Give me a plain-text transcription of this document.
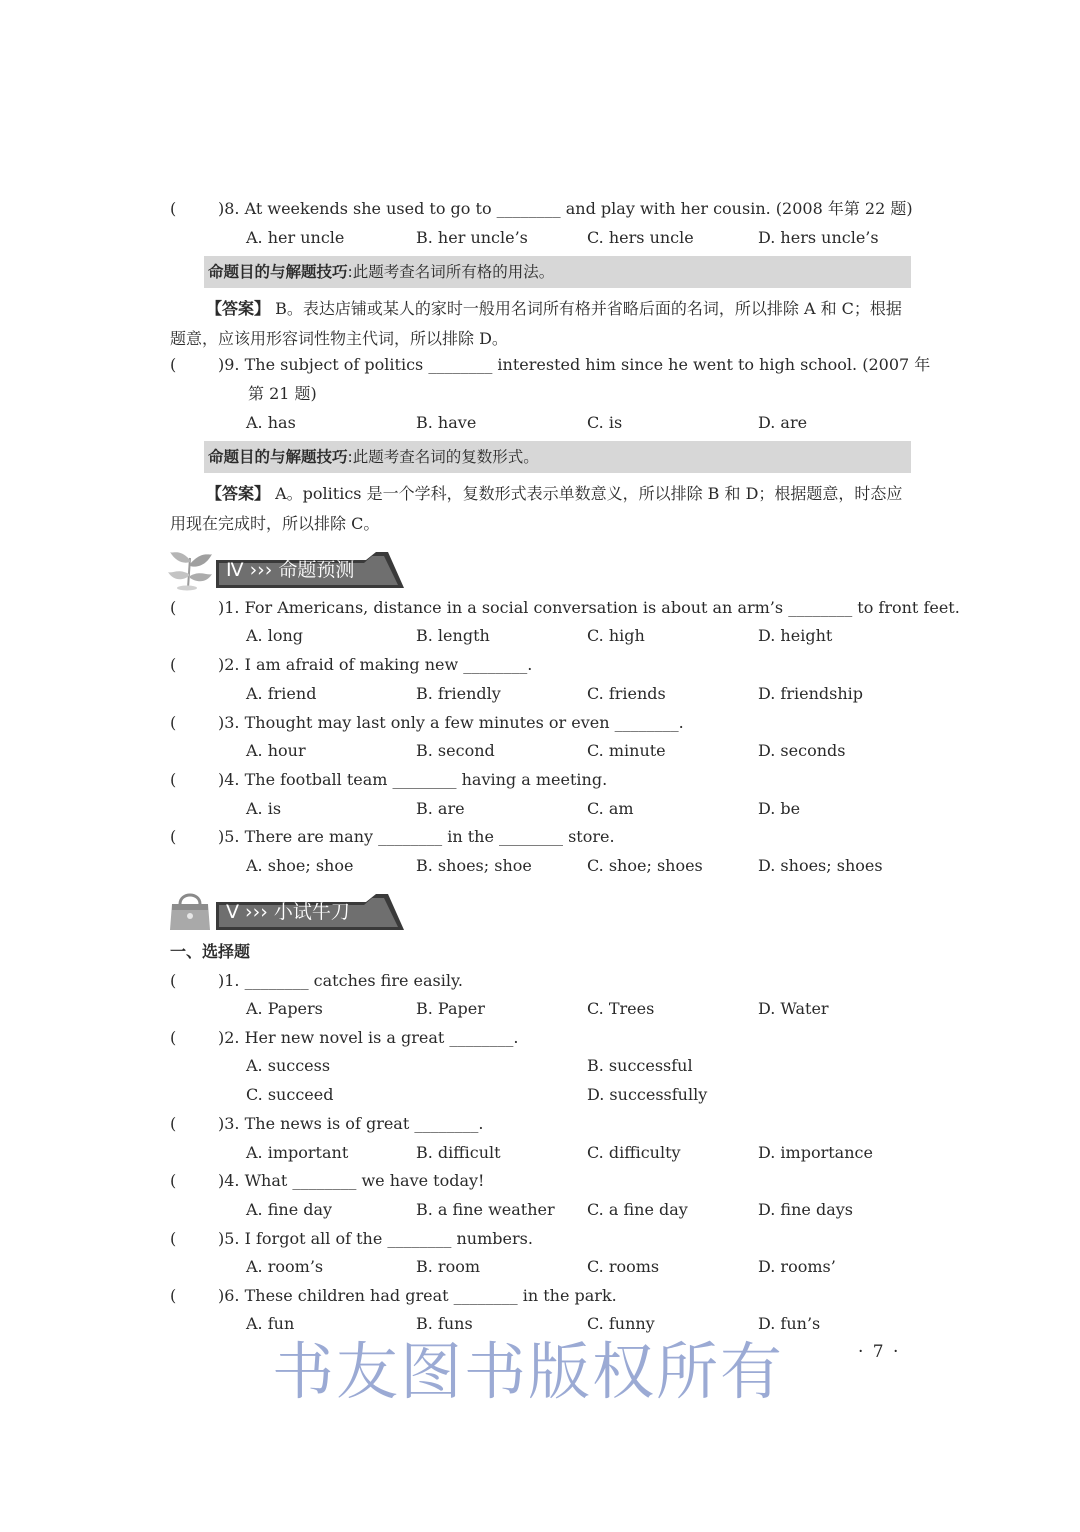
(	)8. At weekends she used to go to ________ and play with her cousin. (2008 年第 22 题)
A. her uncle	B. her uncle’s	C. hers uncle	D. hers uncle’s
命题目的与解题技巧:此题考查名词所有格的用法。
【答案】 B。表达店铺或某人的家时一般用名词所有格并省略后面的名词，所以排除 A 和 C；根据题意，应该用形容词性物主代词，所以排除 D。
(	)9. The subject of politics ________ interested him since he went to high school. (2007 年
第 21 题)
A. has	B. have	C. is	D. are
命题目的与解题技巧:此题考查名词的复数形式。
【答案】 A。politics 是一个学科，复数形式表示单数意义，所以排除 B 和 D；根据题意，时态应用现在完成时，所以排除 C。
Ⅳ ››› 命题预测
(	)1. For Americans, distance in a social conversation is about an arm’s ________ to front feet.
A. long	B. length	C. high	D. height
(	)2. I am afraid of making new ________.
A. friend	B. friendly	C. friends	D. friendship
(	)3. Thought may last only a few minutes or even ________.
A. hour	B. second	C. minute	D. seconds
(	)4. The football team ________ having a meeting.
A. is	B. are	C. am	D. be
(	)5. There are many ________ in the ________ store.
A. shoe; shoe	B. shoes; shoe	C. shoe; shoes	D. shoes; shoes
Ⅴ ››› 小试牛刀
一、选择题
(	)1. ________ catches fire easily.
A. Papers	B. Paper	C. Trees	D. Water
(	)2. Her new novel is a great ________.
A. success	B. successful
C. succeed	D. successfully
(	)3. The news is of great ________.
A. important	B. difficult	C. difficulty	D. importance
(	)4. What ________ we have today!
A. fine day	B. a fine weather C. a fine day	D. fine days
(	)5. I forgot all of the ________ numbers.
A. room’s	B. room	C. rooms	D. rooms’
(	)6. These children had great ________ in the park.
A. fun	B. funs	C. funny	D. fun’s
书友图书版权所有	· 7 ·
